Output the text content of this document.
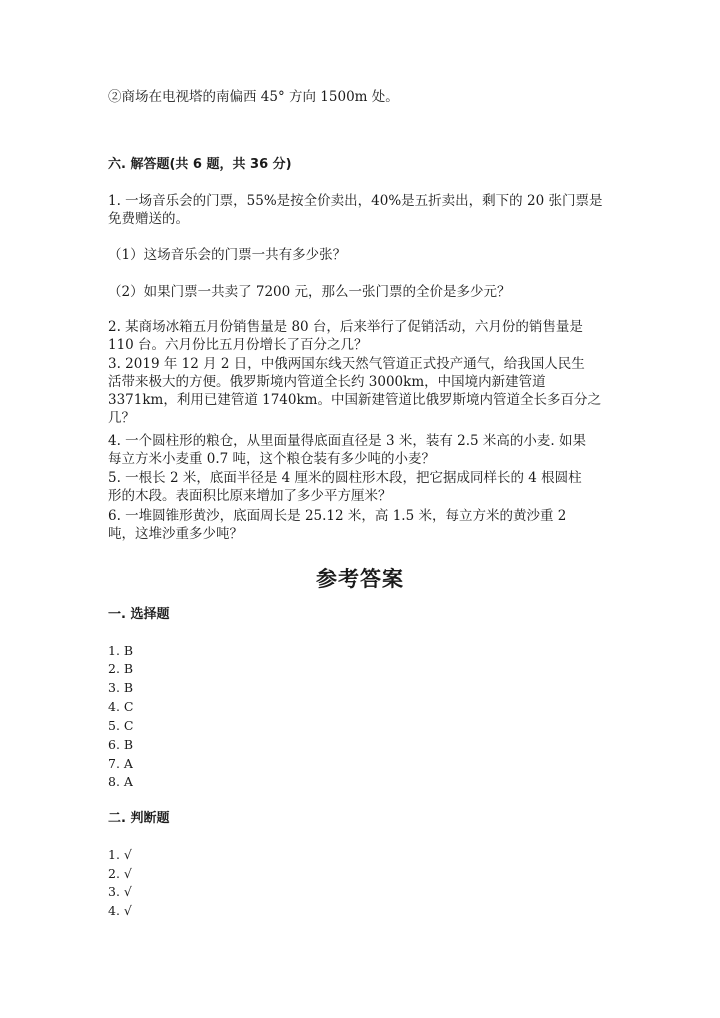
②商场在电视塔的南偏西 45° 方向 1500m 处。
六. 解答题(共 6 题，共 36 分)
1. 一场音乐会的门票，55%是按全价卖出，40%是五折卖出，剩下的 20 张门票是
免费赠送的。
（1）这场音乐会的门票一共有多少张？
（2）如果门票一共卖了 7200 元，那么一张门票的全价是多少元？
2. 某商场冰箱五月份销售量是 80 台，后来举行了促销活动，六月份的销售量是
110 台。六月份比五月份增长了百分之几？
3. 2019 年 12 月 2 日，中俄两国东线天然气管道正式投产通气，给我国人民生
活带来极大的方便。俄罗斯境内管道全长约 3000km，中国境内新建管道
3371km，利用已建管道 1740km。中国新建管道比俄罗斯境内管道全长多百分之
几？
4. 一个圆柱形的粮仓，从里面量得底面直径是 3 米，装有 2.5 米高的小麦. 如果
每立方米小麦重 0.7 吨，这个粮仓装有多少吨的小麦？
5. 一根长 2 米，底面半径是 4 厘米的圆柱形木段，把它据成同样长的 4 根圆柱
形的木段。表面积比原来增加了多少平方厘米？
6. 一堆圆锥形黄沙，底面周长是 25.12 米，高 1.5 米，每立方米的黄沙重 2
吨，这堆沙重多少吨？
参考答案
一. 选择题
1. B
2. B
3. B
4. C
5. C
6. B
7. A
8. A
二. 判断题
1. √
2. √
3. √
4. √
